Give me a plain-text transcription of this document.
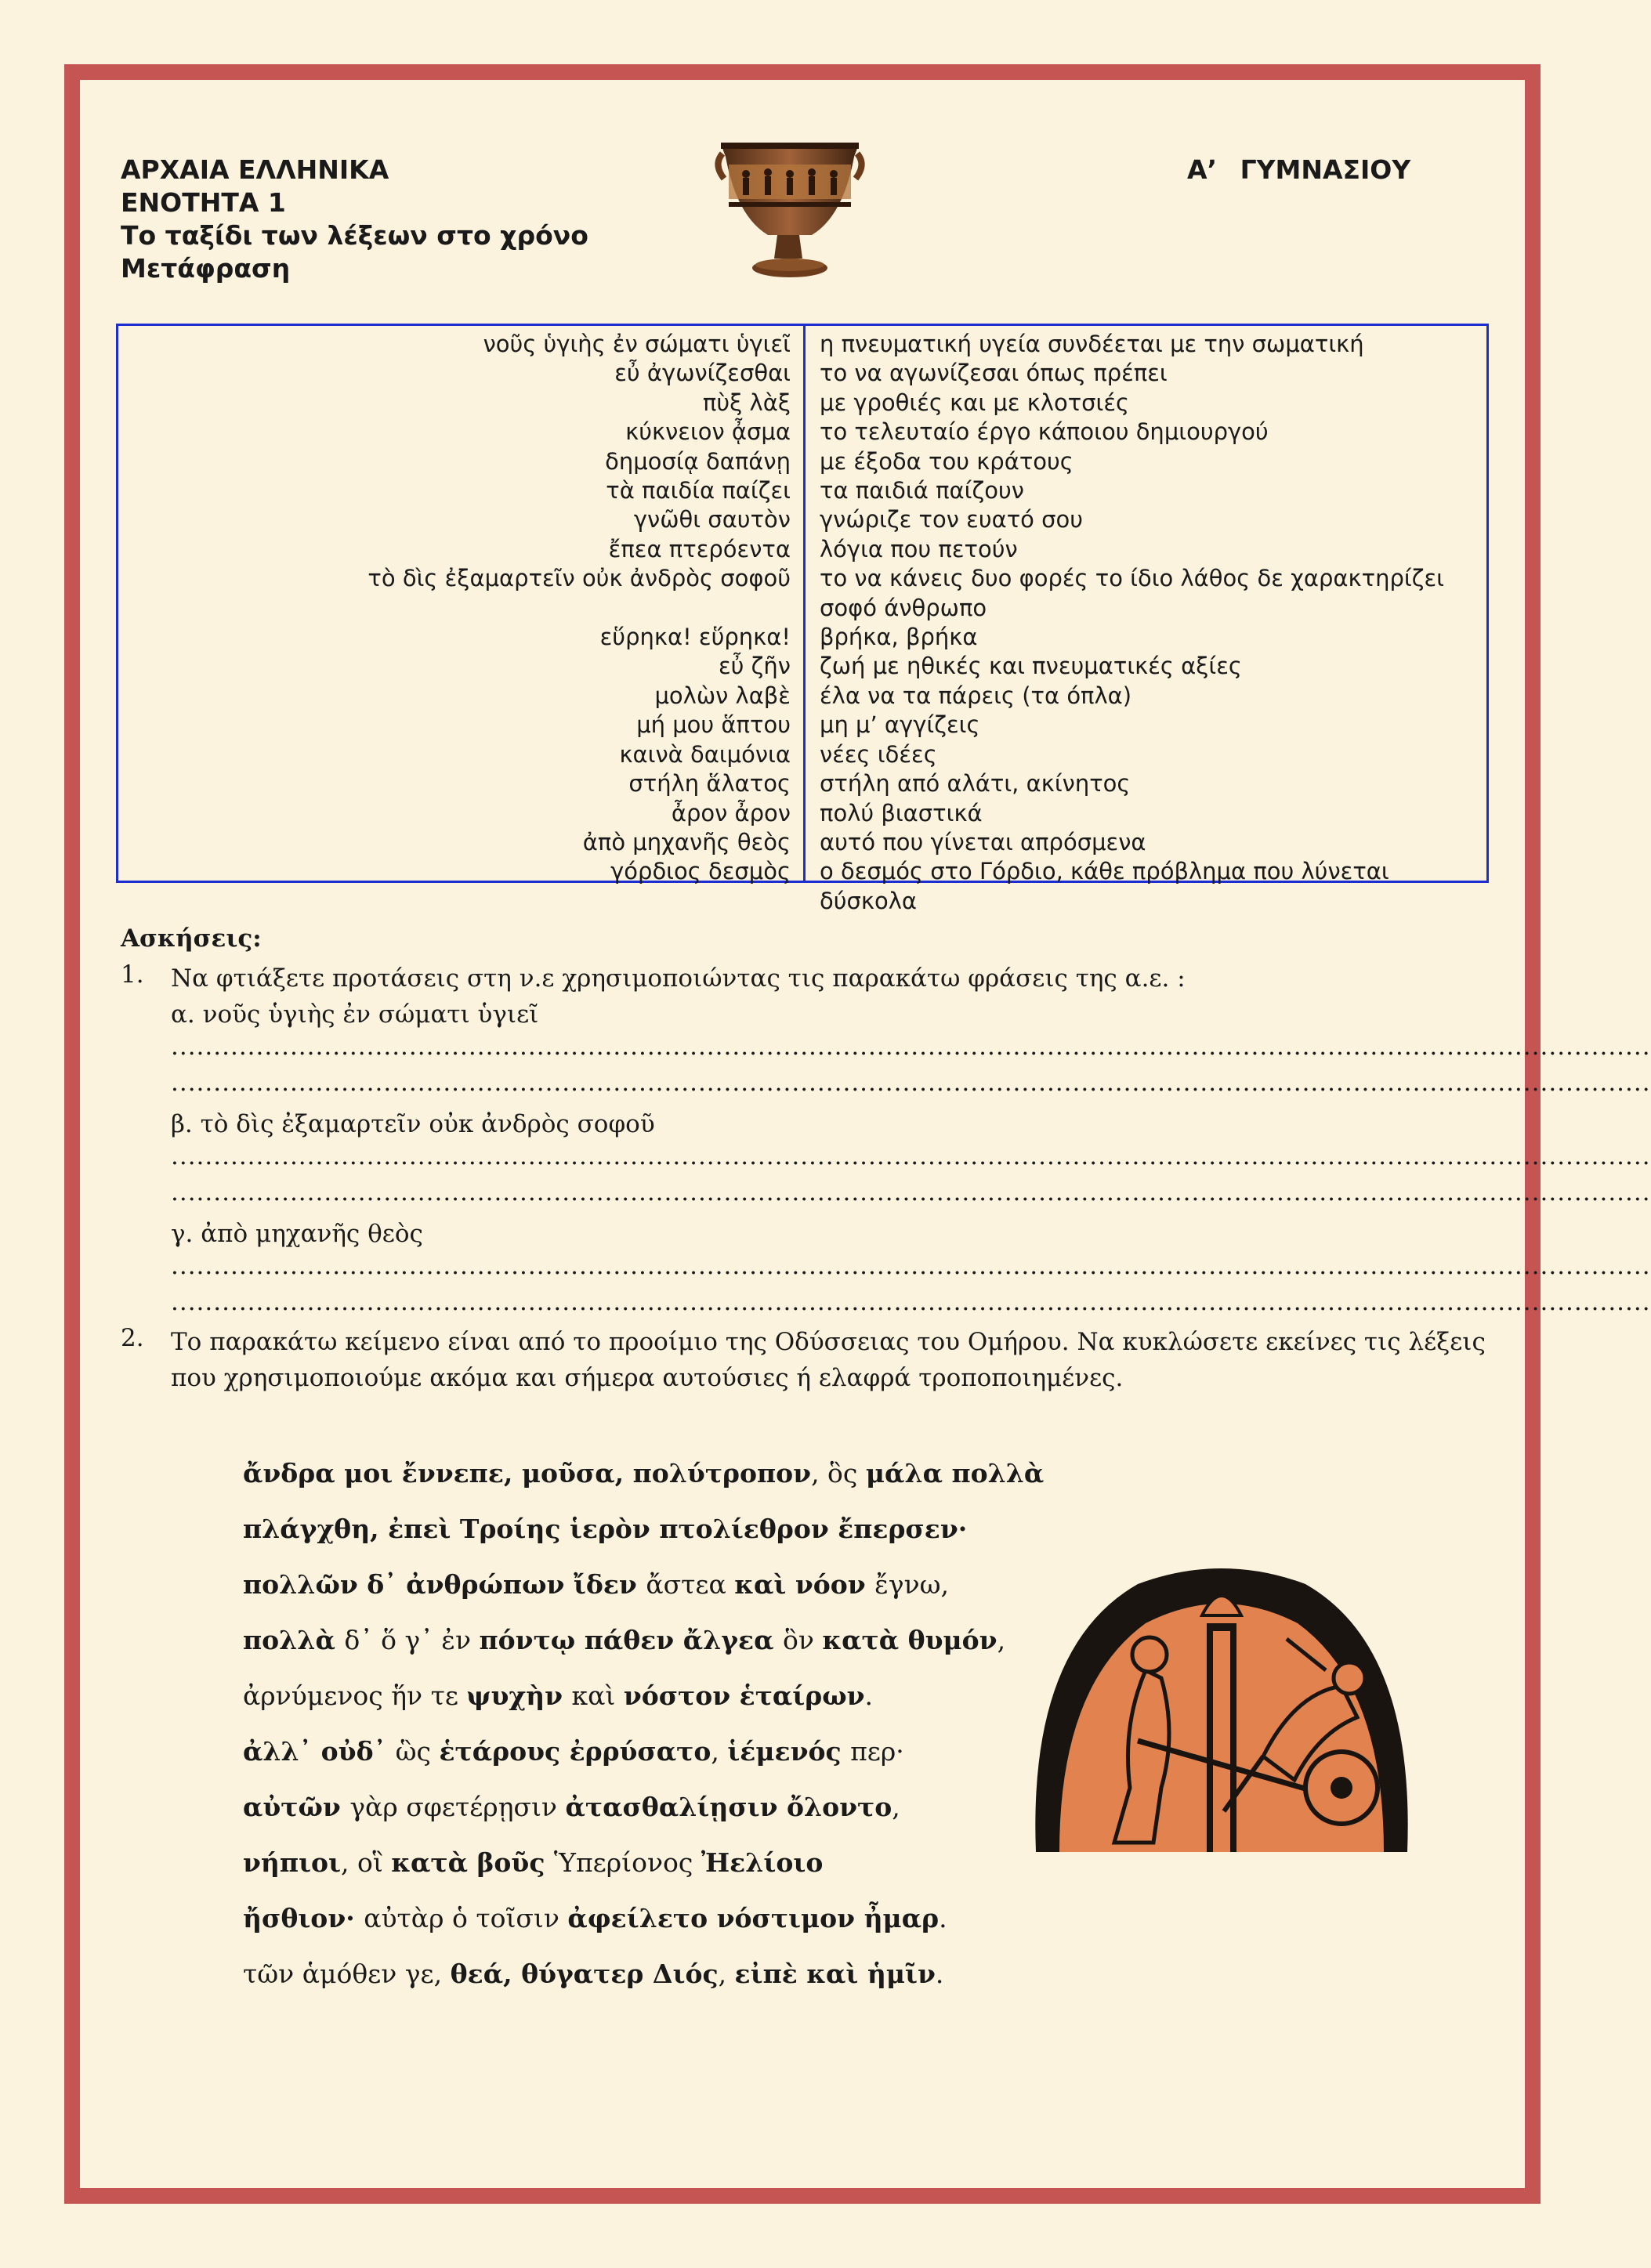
ΑΡΧΑΙΑ ΕΛΛΗΝΙΚΑ
ΕΝΟΤΗΤΑ 1
Το ταξίδι των λέξεων στο χρόνο
Μετάφραση
Α’ ΓΥΜΝΑΣΙΟΥ
νοῦς ὑγιὴς ἐν σώματι ὑγιεῖ
εὖ ἀγωνίζεσθαι
πὺξ λὰξ
κύκνειον ᾆσμα
δημοσίᾳ δαπάνῃ
τὰ παιδία παίζει
γνῶθι σαυτὸν
ἔπεα πτερόεντα
τὸ δὶς ἐξαμαρτεῖν οὐκ ἀνδρὸς σοφοῦ

εὕρηκα! εὕρηκα!
εὖ ζῆν
μολὼν λαβὲ
μή μου ἅπτου
καινὰ δαιμόνια
στήλη ἅλατος
ἆρον ἆρον
ἀπὸ μηχανῆς θεὸς
γόρδιος δεσμὸς
η πνευματική υγεία συνδέεται με την σωματική
το να αγωνίζεσαι όπως πρέπει
με γροθιές και με κλοτσιές
το τελευταίο έργο κάποιου δημιουργού
με έξοδα του κράτους
τα παιδιά παίζουν
γνώριζε τον ευατό σου
λόγια που πετούν
το να κάνεις δυο φορές το ίδιο λάθος δε χαρακτηρίζει σοφό άνθρωπο
βρήκα, βρήκα
ζωή με ηθικές και πνευματικές αξίες
έλα να τα πάρεις (τα όπλα)
μη μ’ αγγίζεις
νέες ιδέες
στήλη από αλάτι, ακίνητος
πολύ βιαστικά
αυτό που γίνεται απρόσμενα
ο δεσμός στο Γόρδιο, κάθε πρόβλημα που λύνεται δύσκολα
Ασκήσεις:
1. Να φτιάξετε προτάσεις στη ν.ε χρησιμοποιώντας τις παρακάτω φράσεις της α.ε. :
α. νοῦς ὑγιὴς ἐν σώματι ὑγιεῖ
..............................................................................................................................................................................
..............................................................................................................................................................................
β. τὸ δὶς ἐξαμαρτεῖν οὐκ ἀνδρὸς σοφοῦ
..............................................................................................................................................................................
..............................................................................................................................................................................
γ. ἀπὸ μηχανῆς θεὸς
..............................................................................................................................................................................
..............................................................................................................................................................................
2. Το παρακάτω κείμενο είναι από το προοίμιο της Οδύσσειας του Ομήρου. Να κυκλώσετε εκείνες τις λέξεις που χρησιμοποιούμε ακόμα και σήμερα αυτούσιες ή ελαφρά τροποποιημένες.
ἄνδρα μοι ἔννεπε, μοῦσα, πολύτροπον, ὃς μάλα πολλὰ
πλάγχθη, ἐπεὶ Τροίης ἱερὸν πτολίεθρον ἔπερσεν·
πολλῶν δ᾽ ἀνθρώπων ἴδεν ἄστεα καὶ νόον ἔγνω,
πολλὰ δ᾽ ὅ γ᾽ ἐν πόντῳ πάθεν ἄλγεα ὃν κατὰ θυμόν,
ἀρνύμενος ἥν τε ψυχὴν καὶ νόστον ἑταίρων.
ἀλλ᾽ οὐδ᾽ ὣς ἑτάρους ἐρρύσατο, ἱέμενός περ·
αὐτῶν γὰρ σφετέρῃσιν ἀτασθαλίῃσιν ὄλοντο,
νήπιοι, οἳ κατὰ βοῦς Ὑπερίονος Ἠελίοιο
ἤσθιον· αὐτὰρ ὁ τοῖσιν ἀφείλετο νόστιμον ἦμαρ.
τῶν ἁμόθεν γε, θεά, θύγατερ Διός, εἰπὲ καὶ ἡμῖν.
